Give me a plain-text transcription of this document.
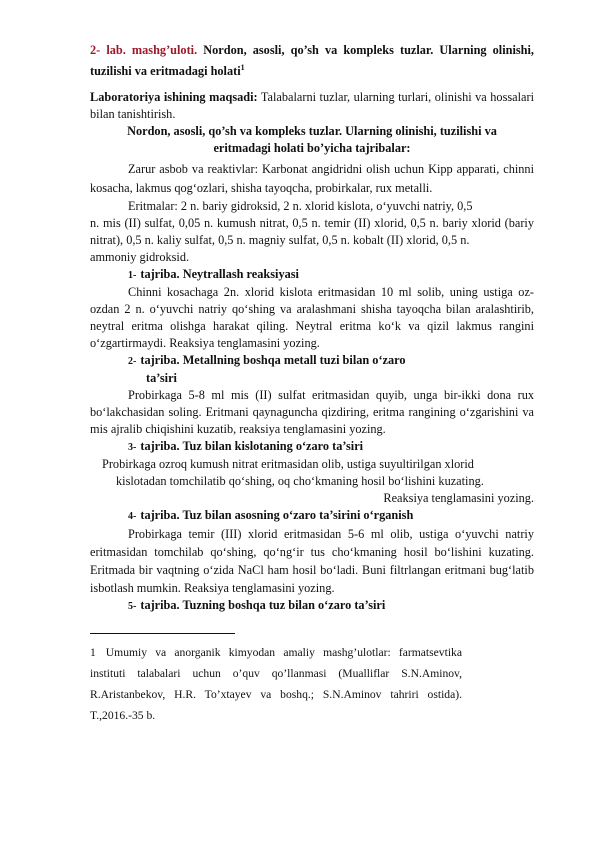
2- lab. mashg’uloti. Nordon, asosli, qo’sh va kompleks tuzlar. Ularning olinishi, tuzilishi va eritmadagi holati$^1$

Laboratoriya ishining maqsadi: Talabalarni tuzlar, ularning turlari, olinishi va hossalari bilan tanishtirish.

Nordon, asosli, qo’sh va kompleks tuzlar. Ularning olinishi, tuzilishi va

eritmadagi holati bo’yicha tajribalar:

Zarur asbob va reaktivlar: Karbonat angidridni olish uchun Kipp apparati, chinni kosacha, lakmus qog‘ozlari, shisha tayoqcha, probirkalar, rux metalli.

Eritmalar: 2 n. bariy gidroksid, 2 n. xlorid kislota, o‘yuvchi natriy, 0,5

n. mis (II) sulfat, 0,05 n. kumush nitrat, 0,5 n. temir (II) xlorid, 0,5 n. bariy xlorid (bariy nitrat), 0,5 n. kaliy sulfat, 0,5 n. magniy sulfat, 0,5 n. kobalt (II) xlorid, 0,5 n.

ammoniy gidroksid.

1- tajriba. Neytrallash reaksiyasi

Chinni kosachaga 2n. xlorid kislota eritmasidan 10 ml solib, uning ustiga oz- ozdan 2 n. o‘yuvchi natriy qo‘shing va aralashmani shisha tayoqcha bilan aralashtirib, neytral eritma olishga harakat qiling. Neytral eritma ko‘k va qizil lakmus rangini o‘zgartirmaydi. Reaksiya tenglamasini yozing.

2- tajriba. Metallning boshqa metall tuzi bilan o‘zaro

ta’siri

Probirkaga 5-8 ml mis (II) sulfat eritmasidan quyib, unga bir-ikki dona rux bo‘lakchasidan soling. Eritmani qaynaguncha qizdiring, eritma rangining o‘zgarishini va mis ajralib chiqishini kuzatib, reaksiya tenglamasini yozing.

3- tajriba. Tuz bilan kislotaning o‘zaro ta’siri

Probirkaga ozroq kumush nitrat eritmasidan olib, ustiga suyultirilgan xlorid

kislotadan tomchilatib qo‘shing, oq cho‘kmaning hosil bo‘lishini kuzating.

Reaksiya tenglamasini yozing.

4- tajriba. Tuz bilan asosning o‘zaro ta’sirini o‘rganish

Probirkaga temir (III) xlorid eritmasidan 5-6 ml olib, ustiga o‘yuvchi natriy eritmasidan tomchilab qo‘shing, qo‘ng‘ir tus cho‘kmaning hosil bo‘lishini kuzating. Eritmada bir vaqtning o‘zida NaCl ham hosil bo‘ladi. Buni filtrlangan eritmani bug‘latib isbotlash mumkin. Reaksiya tenglamasini yozing.

5- tajriba. Tuzning boshqa tuz bilan o‘zaro ta’siri

1 Umumiy va anorganik kimyodan amaliy mashg’ulotlar: farmatsevtika instituti talabalari uchun o’quv qo’llanmasi (Mualliflar S.N.Aminov, R.Aristanbekov, H.R. To’xtayev va boshq.; S.N.Aminov tahriri ostida). T.,2016.-35 b.
